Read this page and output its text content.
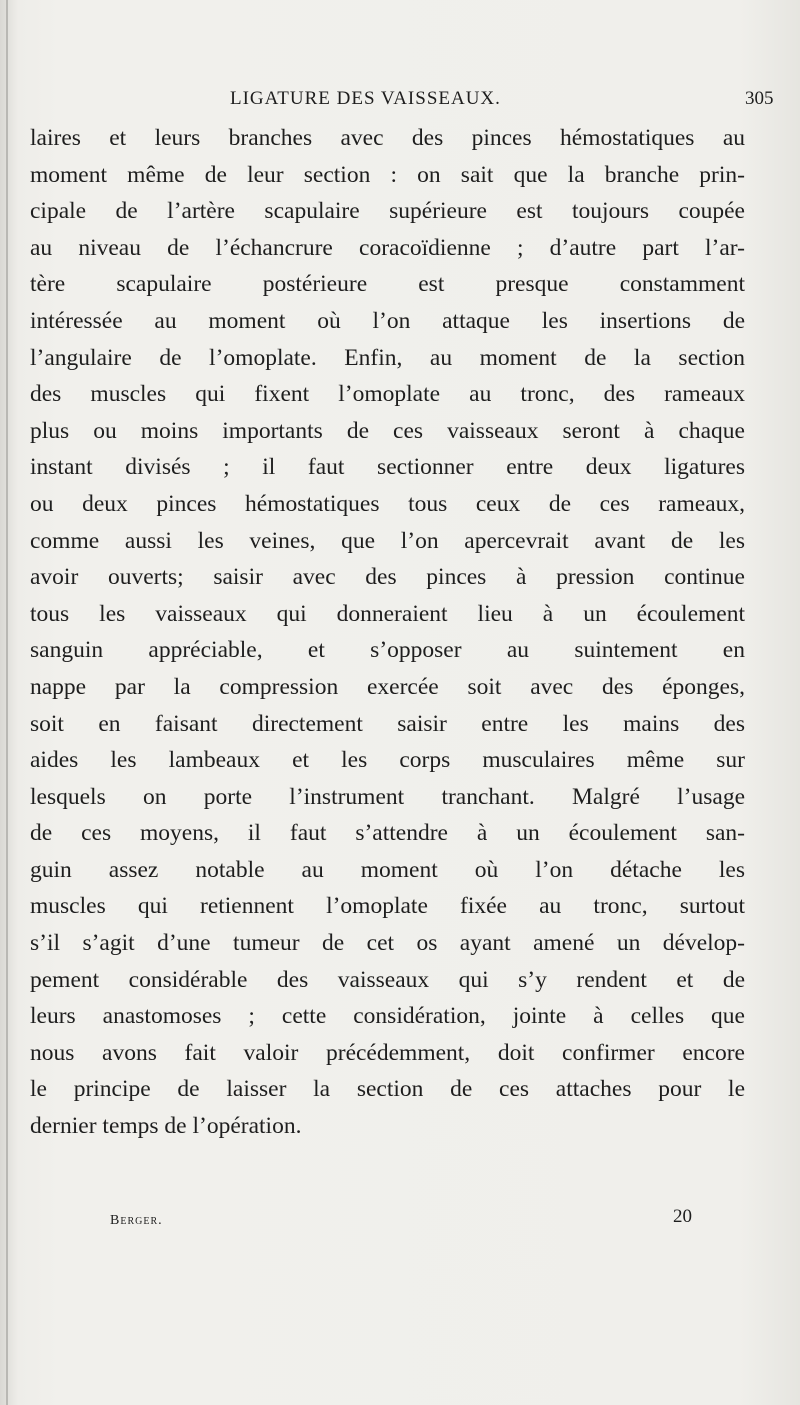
LIGATURE DES VAISSEAUX.	305
laires et leurs branches avec des pinces hémostatiques au
moment même de leur section : on sait que la branche prin-
cipale de l’artère scapulaire supérieure est toujours coupée
au niveau de l’échancrure coracoïdienne ; d’autre part l’ar-
tère scapulaire postérieure est presque constamment
intéressée au moment où l’on attaque les insertions de
l’angulaire de l’omoplate. Enfin, au moment de la section
des muscles qui fixent l’omoplate au tronc, des rameaux
plus ou moins importants de ces vaisseaux seront à chaque
instant divisés ; il faut sectionner entre deux ligatures
ou deux pinces hémostatiques tous ceux de ces rameaux,
comme aussi les veines, que l’on apercevrait avant de les
avoir ouverts; saisir avec des pinces à pression continue
tous les vaisseaux qui donneraient lieu à un écoulement
sanguin appréciable, et s’opposer au suintement en
nappe par la compression exercée soit avec des éponges,
soit en faisant directement saisir entre les mains des
aides les lambeaux et les corps musculaires même sur
lesquels on porte l’instrument tranchant. Malgré l’usage
de ces moyens, il faut s’attendre à un écoulement san-
guin assez notable au moment où l’on détache les
muscles qui retiennent l’omoplate fixée au tronc, surtout
s’il s’agit d’une tumeur de cet os ayant amené un dévelop-
pement considérable des vaisseaux qui s’y rendent et de
leurs anastomoses ; cette considération, jointe à celles que
nous avons fait valoir précédemment, doit confirmer encore
le principe de laisser la section de ces attaches pour le
dernier temps de l’opération.
Berger.	20
